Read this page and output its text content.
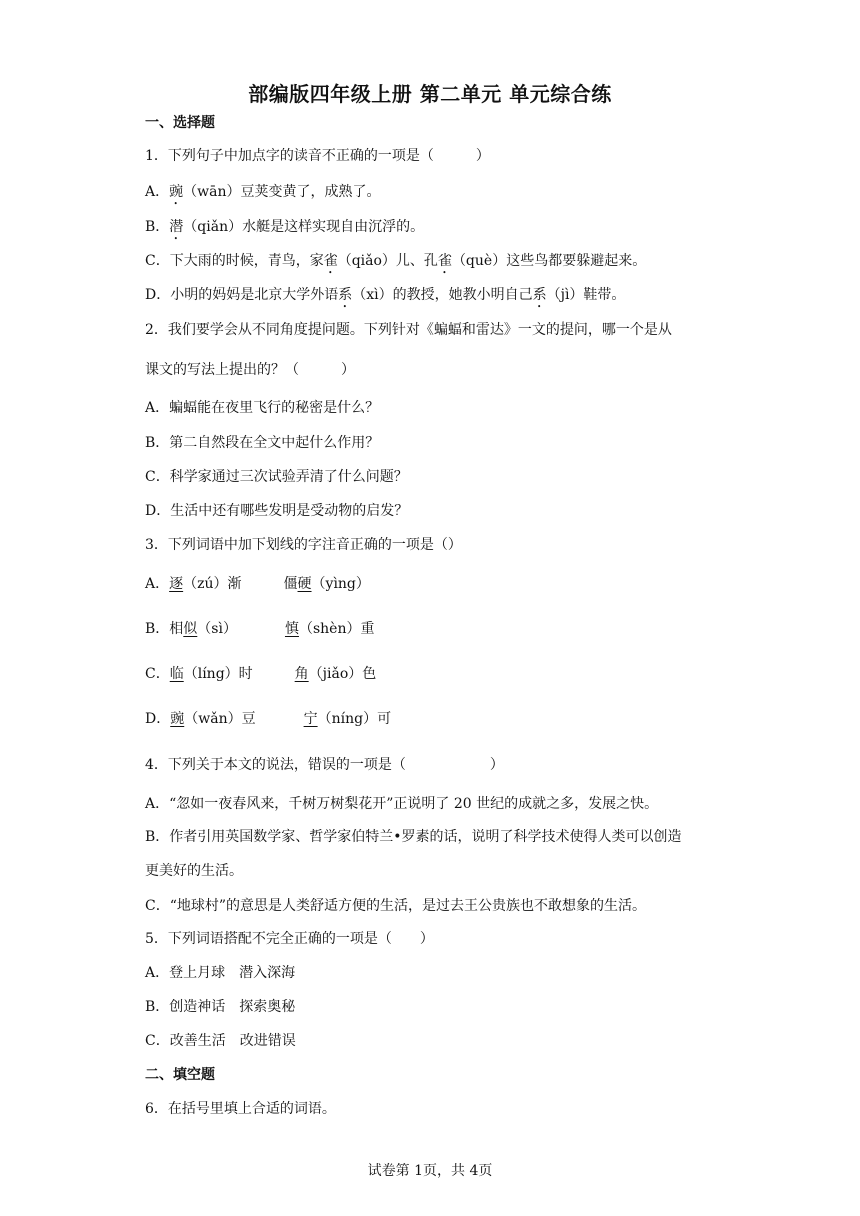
部编版四年级上册 第二单元 单元综合练
一、选择题
1．下列句子中加点字的读音不正确的一项是（　　　）
A．豌（wān）豆荚变黄了，成熟了。
B．潜（qiǎn）水艇是这样实现自由沉浮的。
C．下大雨的时候，青鸟，家雀（qiǎo）儿、孔雀（què）这些鸟都要躲避起来。
D．小明的妈妈是北京大学外语系（xì）的教授，她教小明自己系（jì）鞋带。
2．我们要学会从不同角度提问题。下列针对《蝙蝠和雷达》一文的提问，哪一个是从
课文的写法上提出的？（　　　）
A．蝙蝠能在夜里飞行的秘密是什么？
B．第二自然段在全文中起什么作用？
C．科学家通过三次试验弄清了什么问题？
D．生活中还有哪些发明是受动物的启发？
3．下列词语中加下划线的字注音正确的一项是（）
A．逐（zú）渐	僵硬（yìng）
B．相似（sì）	慎（shèn）重
C．临（líng）时	角（jiǎo）色
D．豌（wǎn）豆	宁（níng）可
4．下列关于本文的说法，错误的一项是（　　　　　　）
A．“忽如一夜春风来，千树万树梨花开”正说明了 20 世纪的成就之多，发展之快。
B．作者引用英国数学家、哲学家伯特兰•罗素的话，说明了科学技术使得人类可以创造
更美好的生活。
C．“地球村”的意思是人类舒适方便的生活，是过去王公贵族也不敢想象的生活。
5．下列词语搭配不完全正确的一项是（　　）
A．登上月球　潜入深海
B．创造神话　探索奥秘
C．改善生活　改进错误
二、填空题
6．在括号里填上合适的词语。
试卷第 1页，共 4页
